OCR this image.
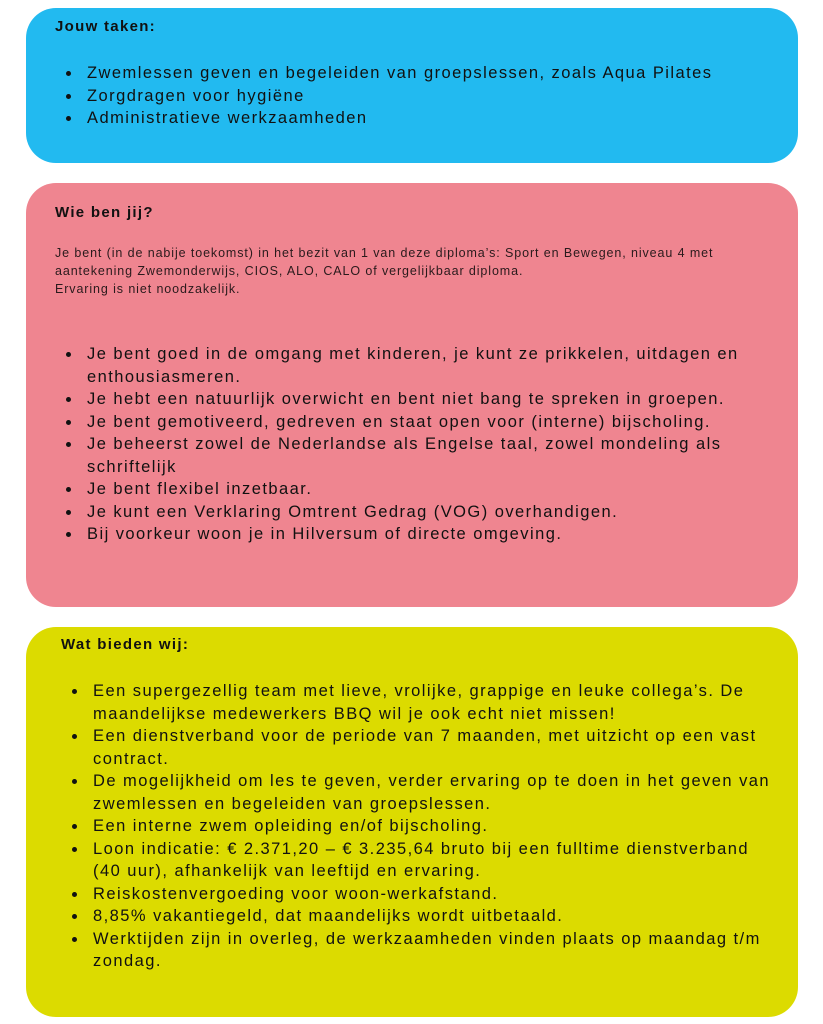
Jouw taken:
Zwemlessen geven en begeleiden van groepslessen, zoals Aqua Pilates
Zorgdragen voor hygiëne
Administratieve werkzaamheden
Wie ben jij?

Je bent (in de nabije toekomst) in het bezit van 1 van deze diploma’s: Sport en Bewegen, niveau 4 met aantekening Zwemonderwijs, CIOS, ALO, CALO of vergelijkbaar diploma.

Ervaring is niet noodzakelijk.

Je bent goed in de omgang met kinderen, je kunt ze prikkelen, uitdagen en enthousiasmeren.
Je hebt een natuurlijk overwicht en bent niet bang te spreken in groepen.
Je bent gemotiveerd, gedreven en staat open voor (interne) bijscholing.
Je beheerst zowel de Nederlandse als Engelse taal, zowel mondeling als schriftelijk
Je bent flexibel inzetbaar.
Je kunt een Verklaring Omtrent Gedrag (VOG) overhandigen.
Bij voorkeur woon je in Hilversum of directe omgeving.
Wat bieden wij:
Een supergezellig team met lieve, vrolijke, grappige en leuke collega’s. De maandelijkse medewerkers BBQ wil je ook echt niet missen!
Een dienstverband voor de periode van 7 maanden, met uitzicht op een vast contract.
De mogelijkheid om les te geven, verder ervaring op te doen in het geven van zwemlessen en begeleiden van groepslessen.
Een interne zwem opleiding en/of bijscholing.
Loon indicatie: € 2.371,20 – € 3.235,64 bruto bij een fulltime dienstverband (40 uur), afhankelijk van leeftijd en ervaring.
Reiskostenvergoeding voor woon-werkafstand.
8,85% vakantiegeld, dat maandelijks wordt uitbetaald.
Werktijden zijn in overleg, de werkzaamheden vinden plaats op maandag t/m zondag.
